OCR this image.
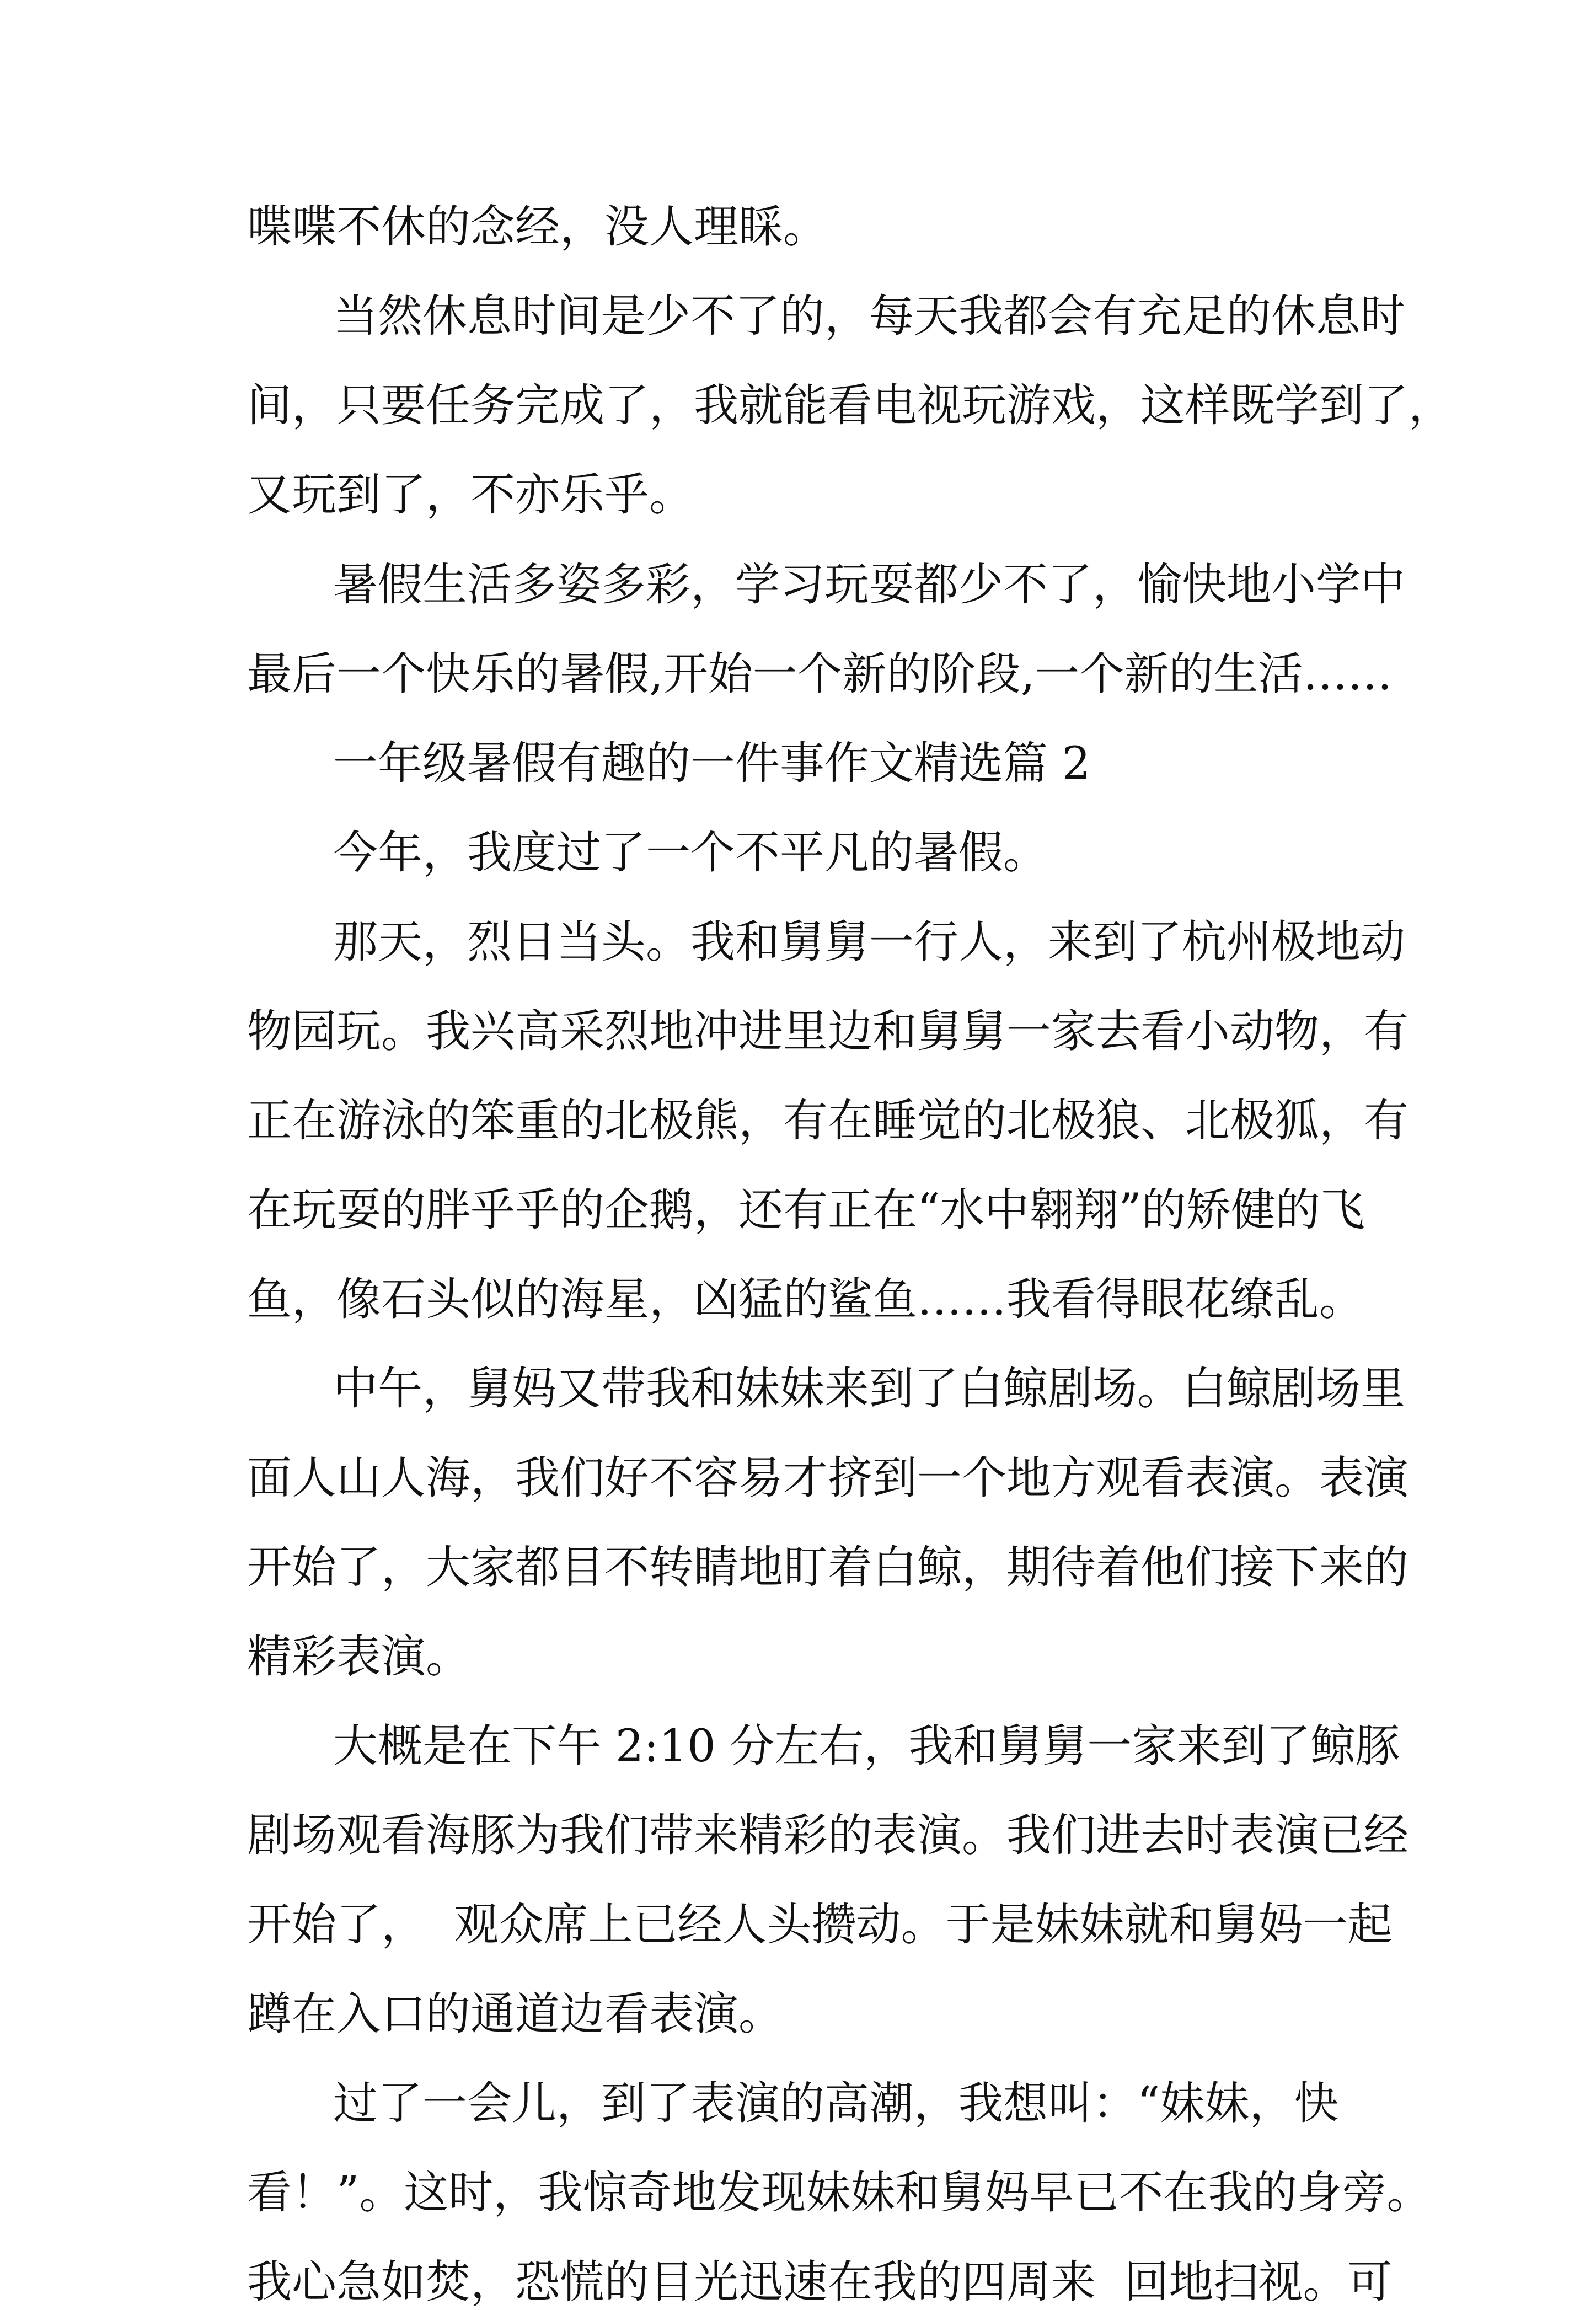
喋喋不休的念经，没人理睬。
当然休息时间是少不了的，每天我都会有充足的休息时
间，只要任务完成了，我就能看电视玩游戏，这样既学到了，
又玩到了，不亦乐乎。
暑假生活多姿多彩，学习玩耍都少不了，愉快地小学中
最后一个快乐的暑假,开始一个新的阶段,一个新的生活……
一年级暑假有趣的一件事作文精选篇 2
今年，我度过了一个不平凡的暑假。
那天，烈日当头。我和舅舅一行人，来到了杭州极地动
物园玩。我兴高采烈地冲进里边和舅舅一家去看小动物，有
正在游泳的笨重的北极熊，有在睡觉的北极狼、北极狐，有
在玩耍的胖乎乎的企鹅，还有正在“水中翱翔”的矫健的飞
鱼，像石头似的海星，凶猛的鲨鱼……我看得眼花缭乱。
中午，舅妈又带我和妹妹来到了白鲸剧场。白鲸剧场里
面人山人海，我们好不容易才挤到一个地方观看表演。表演
开始了，大家都目不转睛地盯着白鲸，期待着他们接下来的
精彩表演。
大概是在下午 2:10 分左右，我和舅舅一家来到了鲸豚
剧场观看海豚为我们带来精彩的表演。我们进去时表演已经
开始了，  观众席上已经人头攒动。于是妹妹就和舅妈一起
蹲在入口的通道边看表演。
过了一会儿，到了表演的高潮，我想叫：“妹妹，快
看！”。这时，我惊奇地发现妹妹和舅妈早已不在我的身旁。
我心急如焚，恐慌的目光迅速在我的四周来  回地扫视。可
